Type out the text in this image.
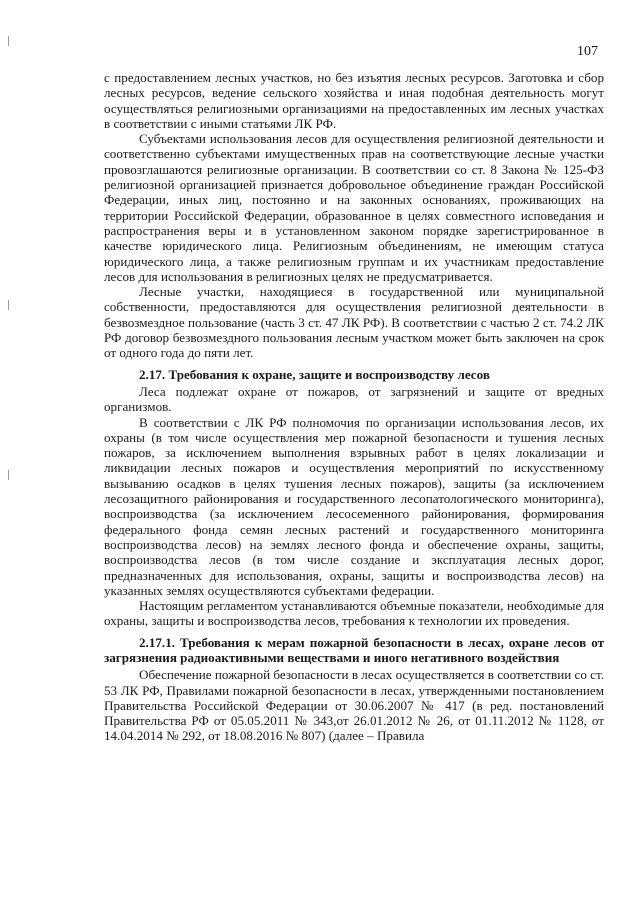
107

с предоставлением лесных участков, но без изъятия лесных ресурсов. Заготовка и сбор лесных ресурсов, ведение сельского хозяйства и иная подобная деятельность могут осуществляться религиозными организациями на предоставленных им лесных участках в соответствии с иными статьями ЛК РФ.

Субъектами использования лесов для осуществления религиозной деятельности и соответственно субъектами имущественных прав на соответствующие лесные участки провозглашаются религиозные организации. В соответствии со ст. 8 Закона № 125-ФЗ религиозной организацией признается добровольное объединение граждан Российской Федерации, иных лиц, постоянно и на законных основаниях, проживающих на территории Российской Федерации, образованное в целях совместного исповедания и распространения веры и в установленном законом порядке зарегистрированное в качестве юридического лица. Религиозным объединениям, не имеющим статуса юридического лица, а также религиозным группам и их участникам предоставление лесов для использования в религиозных целях не предусматривается.

Лесные участки, находящиеся в государственной или муниципальной собственности, предоставляются для осуществления религиозной деятельности в безвозмездное пользование (часть 3 ст. 47 ЛК РФ). В соответствии с частью 2 ст. 74.2 ЛК РФ договор безвозмездного пользования лесным участком может быть заключен на срок от одного года до пяти лет.

2.17. Требования к охране, защите и воспроизводству лесов

Леса подлежат охране от пожаров, от загрязнений и защите от вредных организмов.

В соответствии с ЛК РФ полномочия по организации использования лесов, их охраны (в том числе осуществления мер пожарной безопасности и тушения лесных пожаров, за исключением выполнения взрывных работ в целях локализации и ликвидации лесных пожаров и осуществления мероприятий по искусственному вызыванию осадков в целях тушения лесных пожаров), защиты (за исключением лесозащитного районирования и государственного лесопатологического мониторинга), воспроизводства (за исключением лесосеменного районирования, формирования федерального фонда семян лесных растений и государственного мониторинга воспроизводства лесов) на землях лесного фонда и обеспечение охраны, защиты, воспроизводства лесов (в том числе создание и эксплуатация лесных дорог, предназначенных для использования, охраны, защиты и воспроизводства лесов) на указанных землях осуществляются субъектами федерации.

Настоящим регламентом устанавливаются объемные показатели, необходимые для охраны, защиты и воспроизводства лесов, требования к технологии их проведения.

2.17.1. Требования к мерам пожарной безопасности в лесах, охране лесов от загрязнения радиоактивными веществами и иного негативного воздействия

Обеспечение пожарной безопасности в лесах осуществляется в соответствии со ст. 53 ЛК РФ, Правилами пожарной безопасности в лесах, утвержденными постановлением Правительства Российской Федерации от 30.06.2007 № 417 (в ред. постановлений Правительства РФ от 05.05.2011 № 343,от 26.01.2012 № 26, от 01.11.2012 № 1128, от 14.04.2014 № 292, от 18.08.2016 № 807) (далее – Правила
